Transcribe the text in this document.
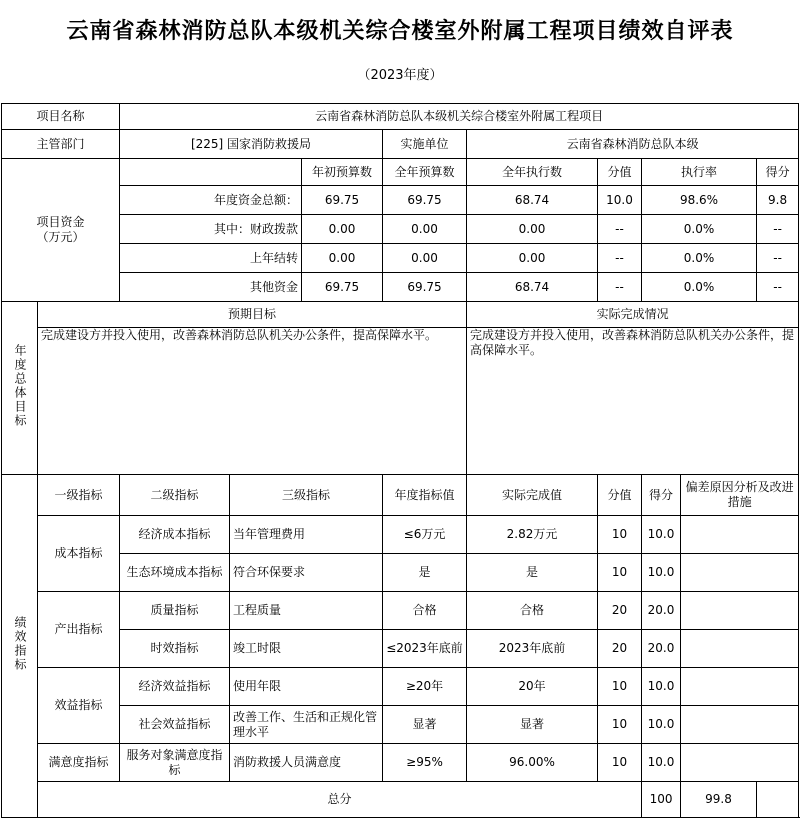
云南省森林消防总队本级机关综合楼室外附属工程项目绩效自评表
（2023年度）
项目名称		云南省森林消防总队本级机关综合楼室外附属工程项目								
主管部门		[225] 国家消防救援局			实施单位	云南省森林消防总队本级				
项目资金
（万元）				年初预算数	全年预算数	全年执行数	分值	执行率		得分
		年度资金总额：		69.75	69.75	68.74	10.0	98.6%		9.8
		其中：财政拨款		0.00	0.00	0.00	--	0.0%		--
		上年结转		0.00	0.00	0.00	--	0.0%		--
		其他资金		69.75	69.75	68.74	--	0.0%		--
年度总体目标	预期目标					实际完成情况				
	完成建设方并投入使用，改善森林消防总队机关办公条件，提高保障水平。					完成建设方并投入使用，改善森林消防总队机关办公条件，提高保障水平。				
绩效指标	一级指标	二级指标	三级指标		年度指标值	实际完成值	分值	得分	偏差原因分析及改进措施	
	成本指标	经济成本指标	当年管理费用		≤6万元	2.82万元	10	10.0		
		生态环境成本指标	符合环保要求		是	是	10	10.0		
	产出指标	质量指标	工程质量		合格	合格	20	20.0		
		时效指标	竣工时限		≤2023年底前	2023年底前	20	20.0		
	效益指标	经济效益指标	使用年限		≥20年	20年	10	10.0		
		社会效益指标	改善工作、生活和正规化管理水平		显著	显著	10	10.0		
	满意度指标	服务对象满意度指标	消防救援人员满意度		≥95%	96.00%	10	10.0		
	总分							100	99.8	
